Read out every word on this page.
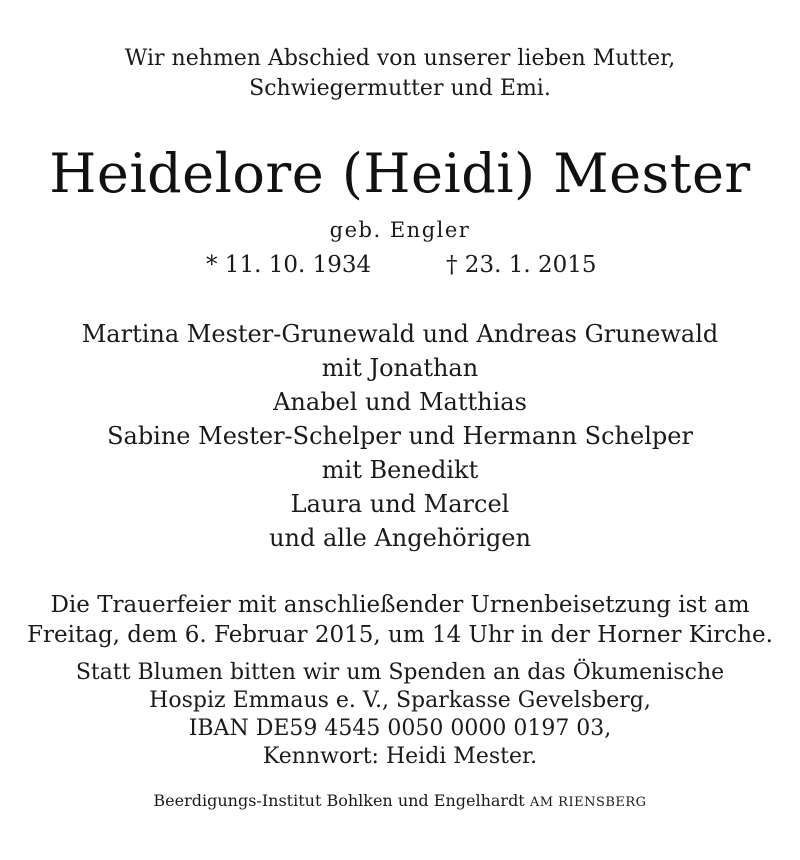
Wir nehmen Abschied von unserer lieben Mutter,
Schwiegermutter und Emi.
Heidelore (Heidi) Mester
geb. Engler
* 11. 10. 1934	† 23. 1. 2015
Martina Mester-Grunewald und Andreas Grunewald
mit Jonathan
Anabel und Matthias
Sabine Mester-Schelper und Hermann Schelper
mit Benedikt
Laura und Marcel
und alle Angehörigen
Die Trauerfeier mit anschließender Urnenbeisetzung ist am
Freitag, dem 6. Februar 2015, um 14 Uhr in der Horner Kirche.
Statt Blumen bitten wir um Spenden an das Ökumenische
Hospiz Emmaus e. V., Sparkasse Gevelsberg,
IBAN DE59 4545 0050 0000 0197 03,
Kennwort: Heidi Mester.
Beerdigungs-Institut Bohlken und Engelhardt AM RIENSBERG
